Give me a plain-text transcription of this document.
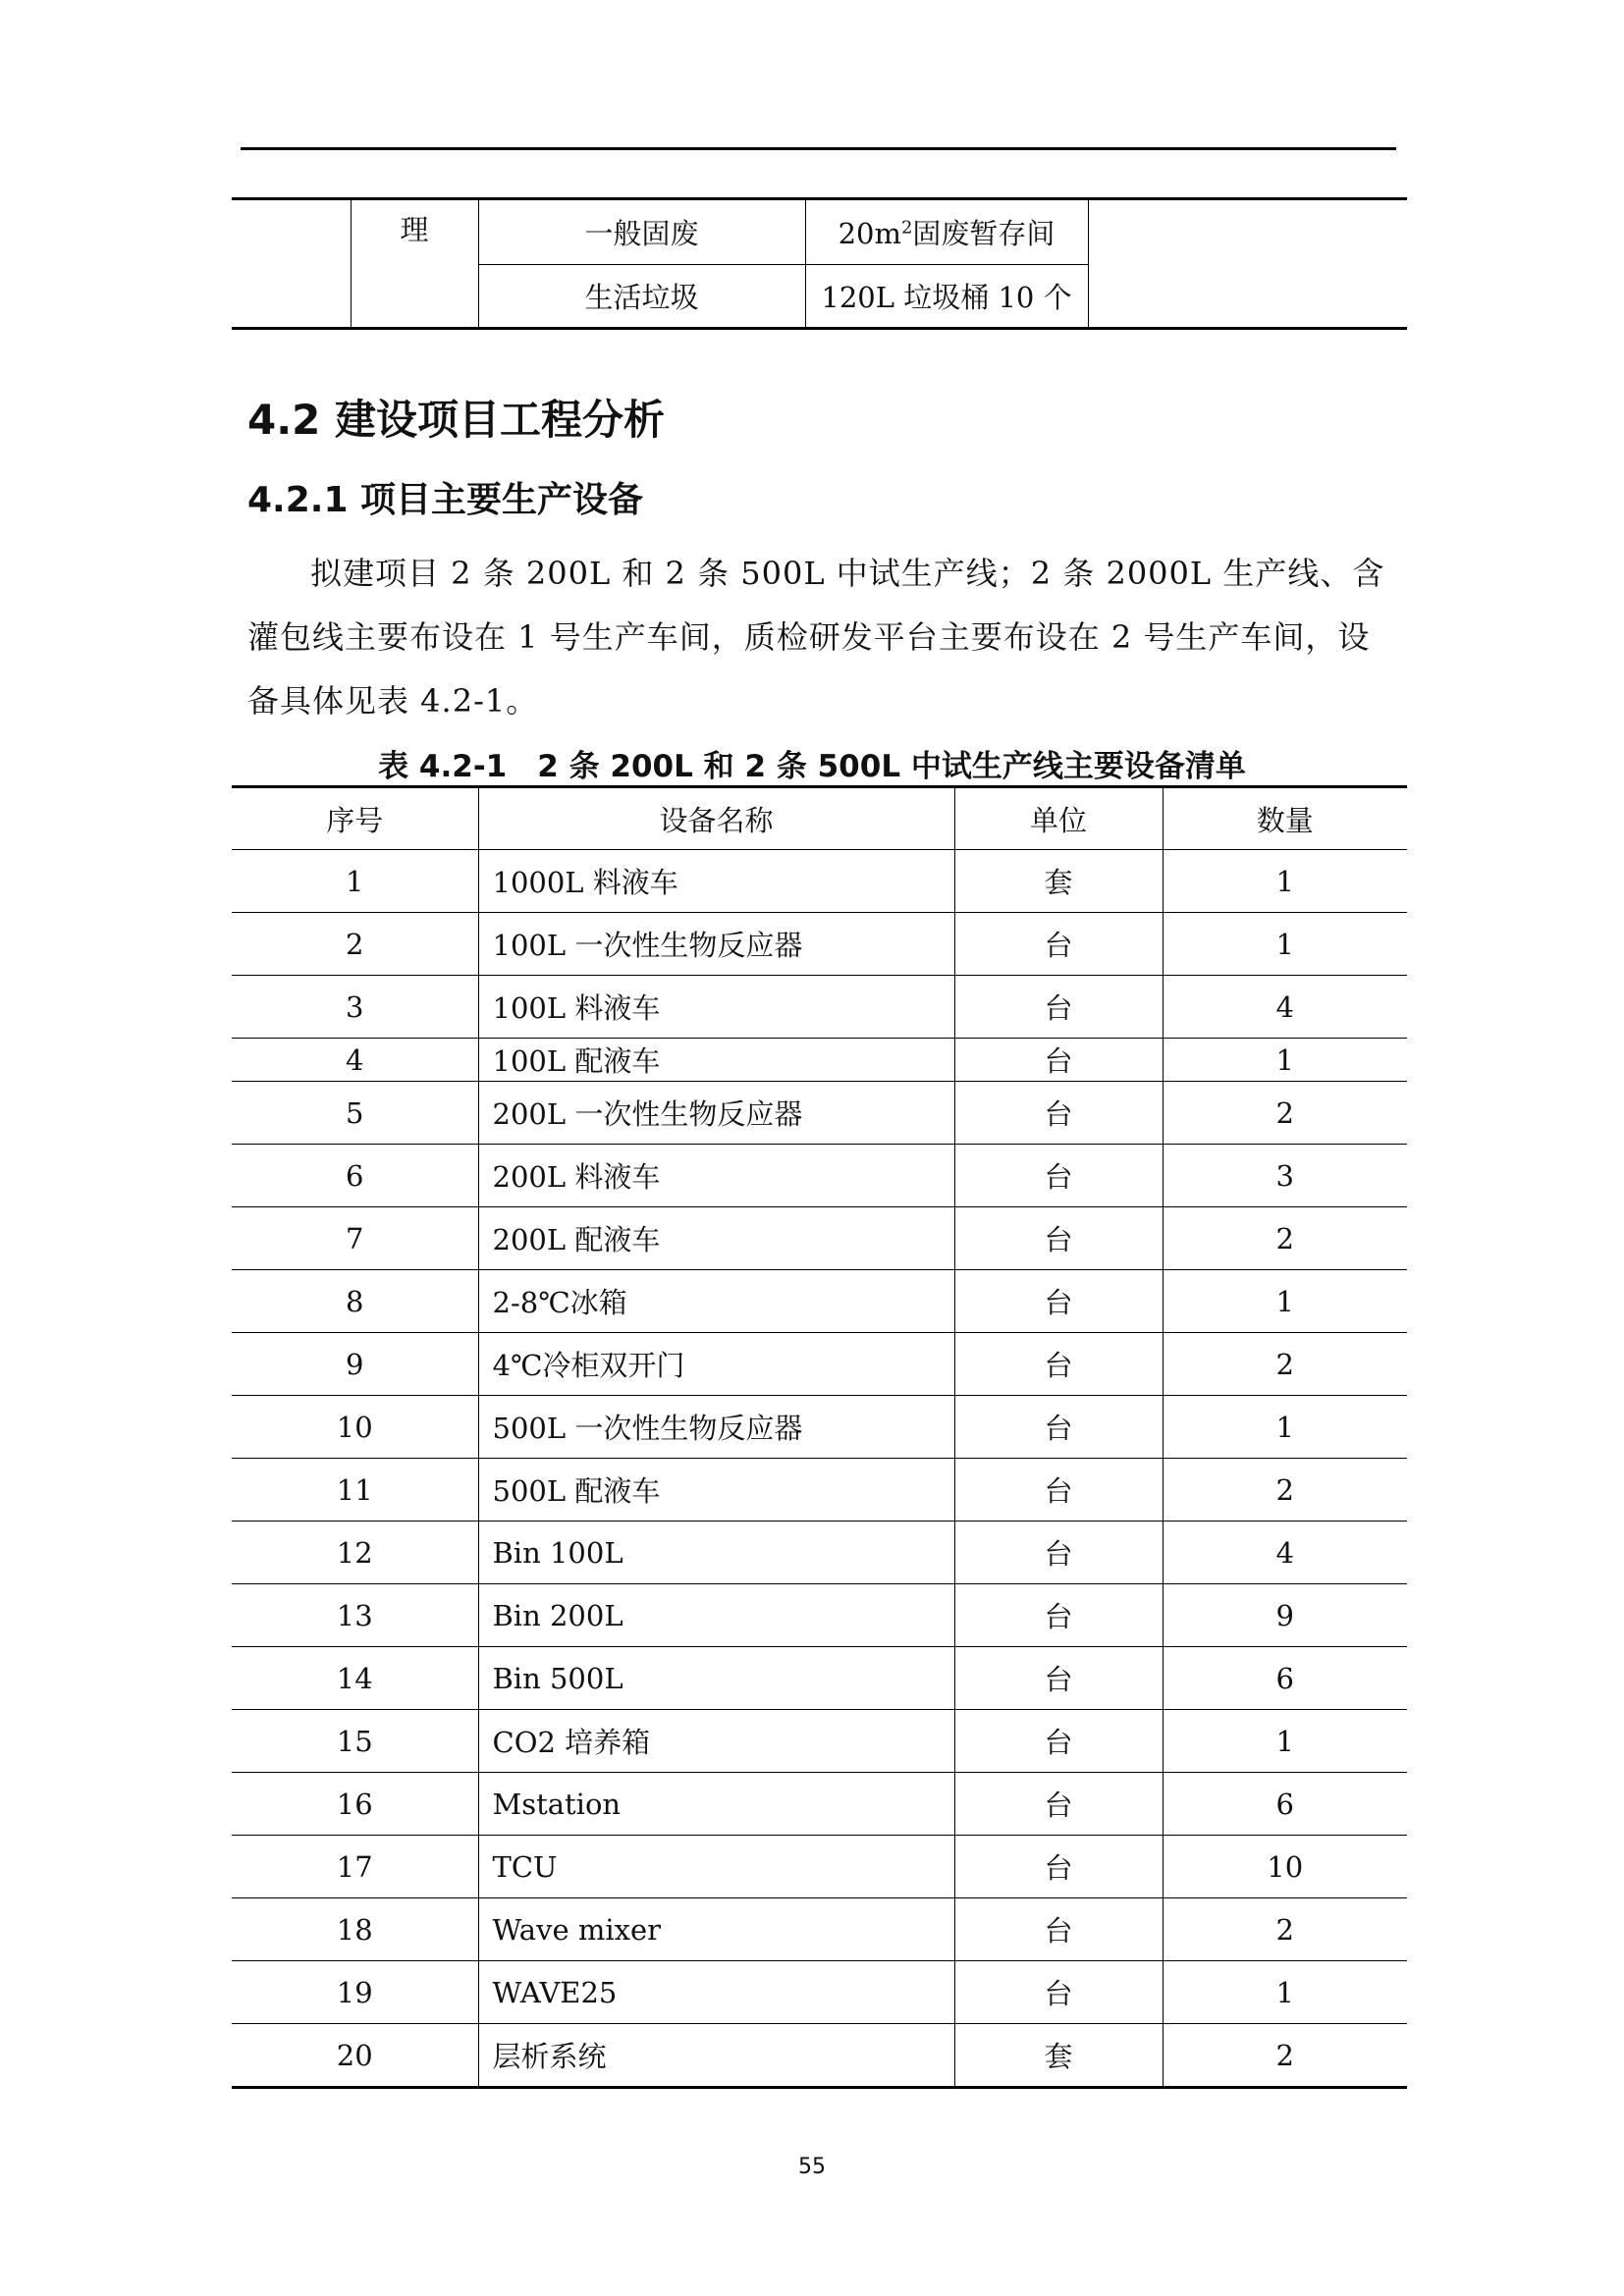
	理	一般固废	$20m^2$固废暂存间	
		生活垃圾	120L 垃圾桶 10 个	
4.2 建设项目工程分析
4.2.1 项目主要生产设备

拟建项目 2 条 200L 和 2 条 500L 中试生产线；2 条 2000L 生产线、含灌包线主要布设在 1 号生产车间，质检研发平台主要布设在 2 号生产车间，设备具体见表 4.2-1。

表 4.2-1　2 条 200L 和 2 条 500L 中试生产线主要设备清单

序号	设备名称	单位	数量
1	1000L 料液车	套	1
2	100L 一次性生物反应器	台	1
3	100L 料液车	台	4
4	100L 配液车	台	1
5	200L 一次性生物反应器	台	2
6	200L 料液车	台	3
7	200L 配液车	台	2
8	2-8℃冰箱	台	1
9	4℃冷柜双开门	台	2
10	500L 一次性生物反应器	台	1
11	500L 配液车	台	2
12	Bin 100L	台	4
13	Bin 200L	台	9
14	Bin 500L	台	6
15	CO2 培养箱	台	1
16	Mstation	台	6
17	TCU	台	10
18	Wave mixer	台	2
19	WAVE25	台	1
20	层析系统	套	2
55
